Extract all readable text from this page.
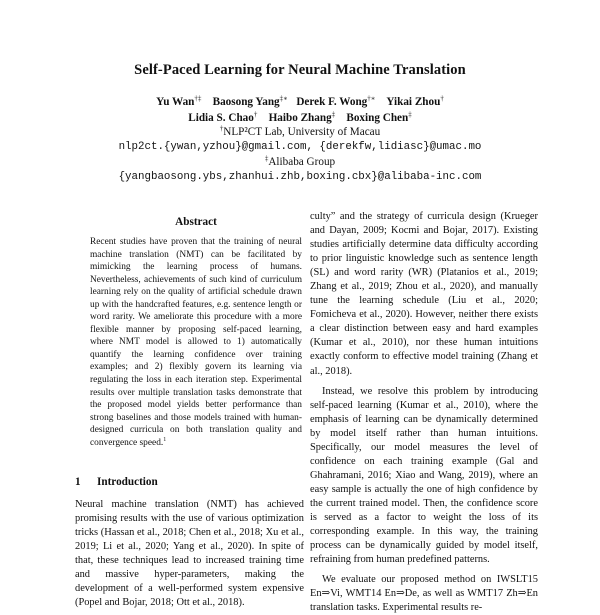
Self-Paced Learning for Neural Machine Translation
Yu Wan†‡ Baosong Yang‡∗ Derek F. Wong†∗ Yikai Zhou†
Lidia S. Chao† Haibo Zhang‡ Boxing Chen‡
†NLP²CT Lab, University of Macau
nlp2ct.{ywan,yzhou}@gmail.com, {derekfw,lidiasc}@umac.mo
‡Alibaba Group
{yangbaosong.ybs,zhanhui.zhb,boxing.cbx}@alibaba-inc.com
Abstract
Recent studies have proven that the training of neural machine translation (NMT) can be facilitated by mimicking the learning process of humans. Nevertheless, achievements of such kind of curriculum learning rely on the quality of artificial schedule drawn up with the handcrafted features, e.g. sentence length or word rarity. We ameliorate this procedure with a more flexible manner by proposing self-paced learning, where NMT model is allowed to 1) automatically quantify the learning confidence over training examples; and 2) flexibly govern its learning via regulating the loss in each iteration step. Experimental results over multiple translation tasks demonstrate that the proposed model yields better performance than strong baselines and those models trained with human-designed curricula on both translation quality and convergence speed.$^1$
1 Introduction

Neural machine translation (NMT) has achieved promising results with the use of various optimization tricks (Hassan et al., 2018; Chen et al., 2018; Xu et al., 2019; Li et al., 2020; Yang et al., 2020). In spite of that, these techniques lead to increased training time and massive hyper-parameters, making the development of a well-performed system expensive (Popel and Bojar, 2018; Ott et al., 2018).

culty” and the strategy of curricula design (Krueger and Dayan, 2009; Kocmi and Bojar, 2017). Existing studies artificially determine data difficulty according to prior linguistic knowledge such as sentence length (SL) and word rarity (WR) (Platanios et al., 2019; Zhang et al., 2019; Zhou et al., 2020), and manually tune the learning schedule (Liu et al., 2020; Fomicheva et al., 2020). However, neither there exists a clear distinction between easy and hard examples (Kumar et al., 2010), nor these human intuitions exactly conform to effective model training (Zhang et al., 2018).

Instead, we resolve this problem by introducing self-paced learning (Kumar et al., 2010), where the emphasis of learning can be dynamically determined by model itself rather than human intuitions. Specifically, our model measures the level of confidence on each training example (Gal and Ghahramani, 2016; Xiao and Wang, 2019), where an easy sample is actually the one of high confidence by the current trained model. Then, the confidence score is served as a factor to weight the loss of its corresponding example. In this way, the training process can be dynamically guided by model itself, refraining from human predefined patterns.

We evaluate our proposed method on IWSLT15 En⇒Vi, WMT14 En⇒De, as well as WMT17 Zh⇒En translation tasks. Experimental results re-
